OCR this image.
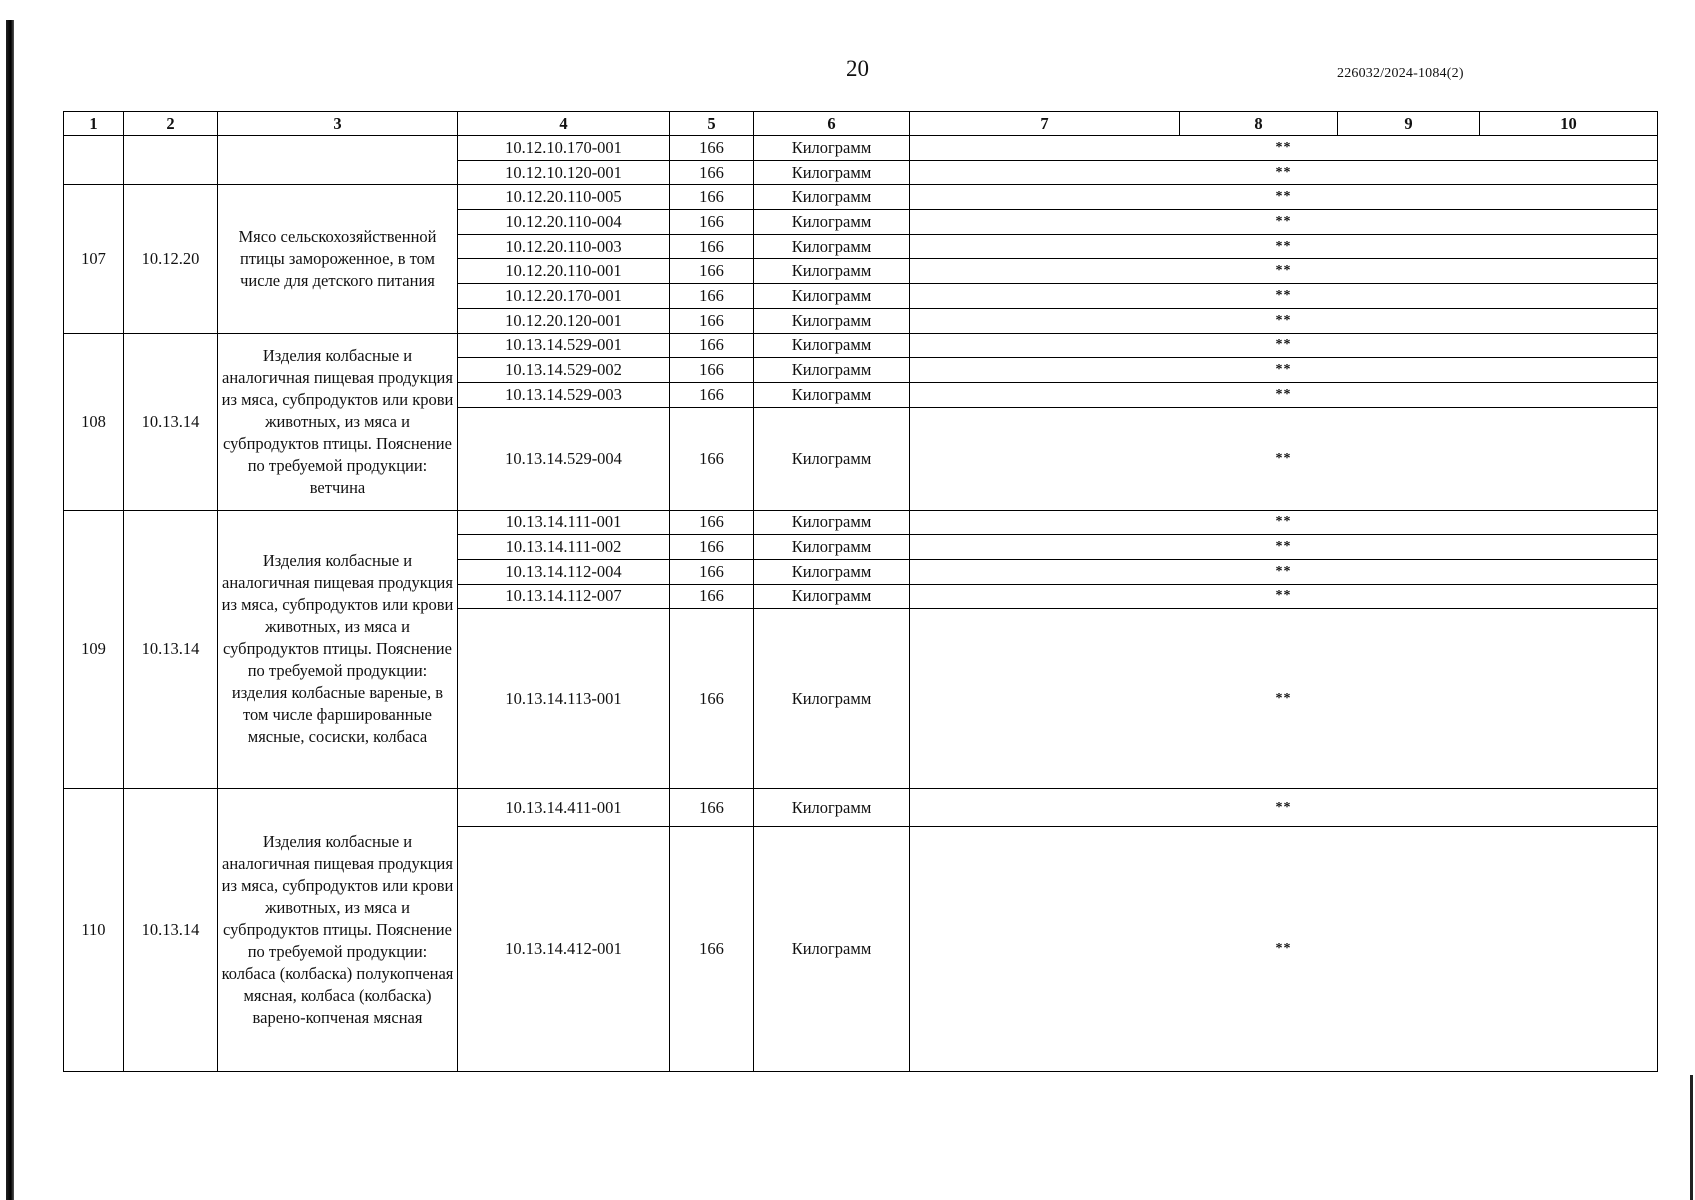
20	226032/2024-1084(2)
1	2	3	4	5	6	7	8	9	10
			10.12.10.170-001	166	Килограмм	**			
			10.12.10.120-001	166	Килограмм	**			
107	10.12.20	Мясо сельскохозяйственной птицы замороженное, в том числе для детского питания	10.12.20.110-005	166	Килограмм	**			
			10.12.20.110-004	166	Килограмм	**			
			10.12.20.110-003	166	Килограмм	**			
			10.12.20.110-001	166	Килограмм	**			
			10.12.20.170-001	166	Килограмм	**			
			10.12.20.120-001	166	Килограмм	**			
108	10.13.14	Изделия колбасные и аналогичная пищевая продукция из мяса, субпродуктов или крови животных, из мяса и субпродуктов птицы. Пояснение по требуемой продукции: ветчина	10.13.14.529-001	166	Килограмм	**			
			10.13.14.529-002	166	Килограмм	**			
			10.13.14.529-003	166	Килограмм	**			
			10.13.14.529-004	166	Килограмм	**			
109	10.13.14	Изделия колбасные и аналогичная пищевая продукция из мяса, субпродуктов или крови животных, из мяса и субпродуктов птицы. Пояснение по требуемой продукции: изделия колбасные вареные, в том числе фаршированные мясные, сосиски, колбаса	10.13.14.111-001	166	Килограмм	**			
			10.13.14.111-002	166	Килограмм	**			
			10.13.14.112-004	166	Килограмм	**			
			10.13.14.112-007	166	Килограмм	**			
			10.13.14.113-001	166	Килограмм	**			
110	10.13.14	Изделия колбасные и аналогичная пищевая продукция из мяса, субпродуктов или крови животных, из мяса и субпродуктов птицы. Пояснение по требуемой продукции: колбаса (колбаска) полукопченая мясная, колбаса (колбаска) варено-копченая мясная	10.13.14.411-001	166	Килограмм	**			
			10.13.14.412-001	166	Килограмм	**			
